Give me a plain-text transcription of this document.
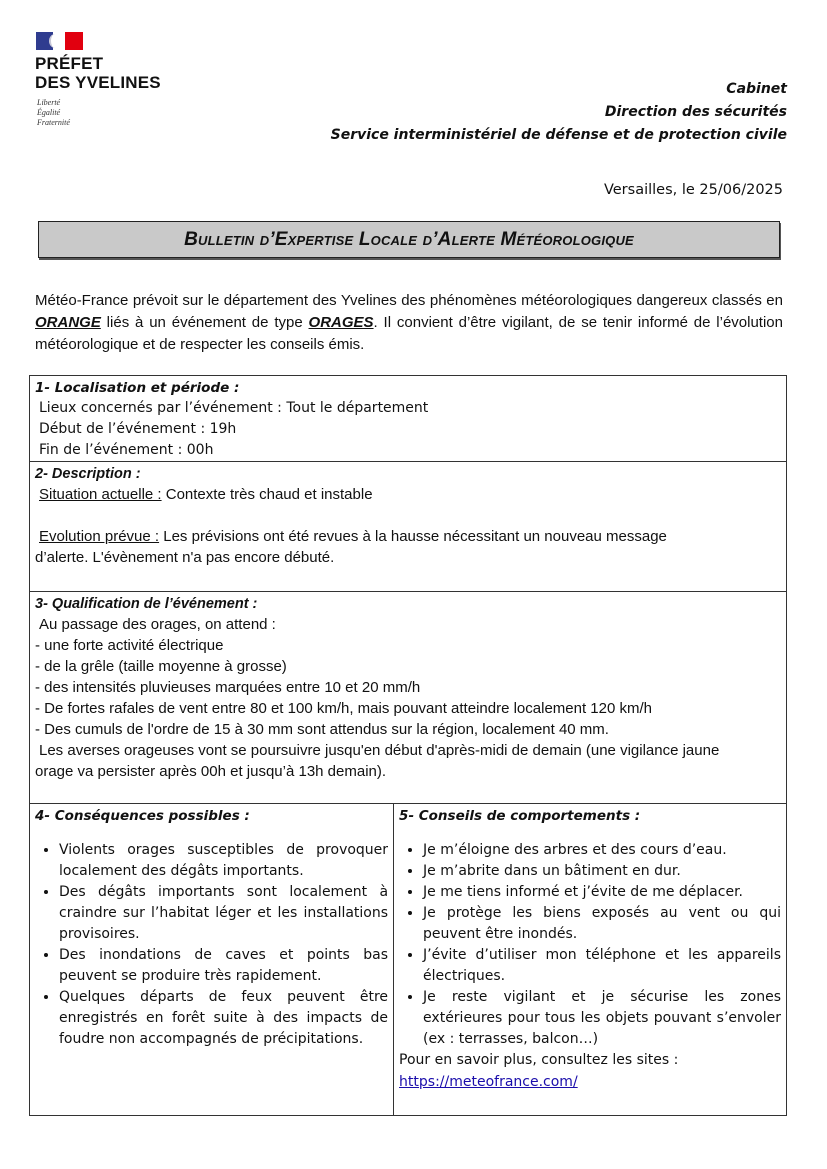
PRÉFET
DES YVELINES
Liberté
Égalité
Fraternité
Cabinet
Direction des sécurités
Service interministériel de défense et de protection civile
Versailles, le 25/06/2025
Bulletin d’Expertise Locale d’Alerte Météorologique
Météo-France prévoit sur le département des Yvelines des phénomènes météorologiques dangereux classés en ORANGE liés à un événement de type ORAGES. Il convient d’être vigilant, de se tenir informé de l’évolution météorologique et de respecter les conseils émis.
1- Localisation et période :
Lieux concernés par l’événement : Tout le département
Début de l’événement : 19h
Fin de l’événement : 00h
2- Description :
Situation actuelle : Contexte très chaud et instable
Evolution prévue : Les prévisions ont été revues à la hausse nécessitant un nouveau message
d’alerte. L'évènement n'a pas encore débuté.
3- Qualification de l’événement :
Au passage des orages, on attend :
- une forte activité électrique
- de la grêle (taille moyenne à grosse)
- des intensités pluvieuses marquées entre 10 et 20 mm/h
- De fortes rafales de vent entre 80 et 100 km/h, mais pouvant atteindre localement 120 km/h
- Des cumuls de l'ordre de 15 à 30 mm sont attendus sur la région, localement 40 mm.
Les averses orageuses vont se poursuivre jusqu'en début d'après-midi de demain (une vigilance jaune
orage va persister après 00h et jusqu’à 13h demain).
4- Conséquences possibles :
• Violents orages susceptibles de provoquer localement des dégâts importants.
• Des dégâts importants sont localement à craindre sur l’habitat léger et les installations provisoires.
• Des inondations de caves et points bas peuvent se produire très rapidement.
• Quelques départs de feux peuvent être enregistrés en forêt suite à des impacts de foudre non accompagnés de précipitations.
5- Conseils de comportements :
• Je m’éloigne des arbres et des cours d’eau.
• Je m’abrite dans un bâtiment en dur.
• Je me tiens informé et j’évite de me déplacer.
• Je protège les biens exposés au vent ou qui peuvent être inondés.
• J’évite d’utiliser mon téléphone et les appareils électriques.
• Je reste vigilant et je sécurise les zones extérieures pour tous les objets pouvant s’envoler (ex : terrasses, balcon…)
Pour en savoir plus, consultez les sites :
https://meteofrance.com/
